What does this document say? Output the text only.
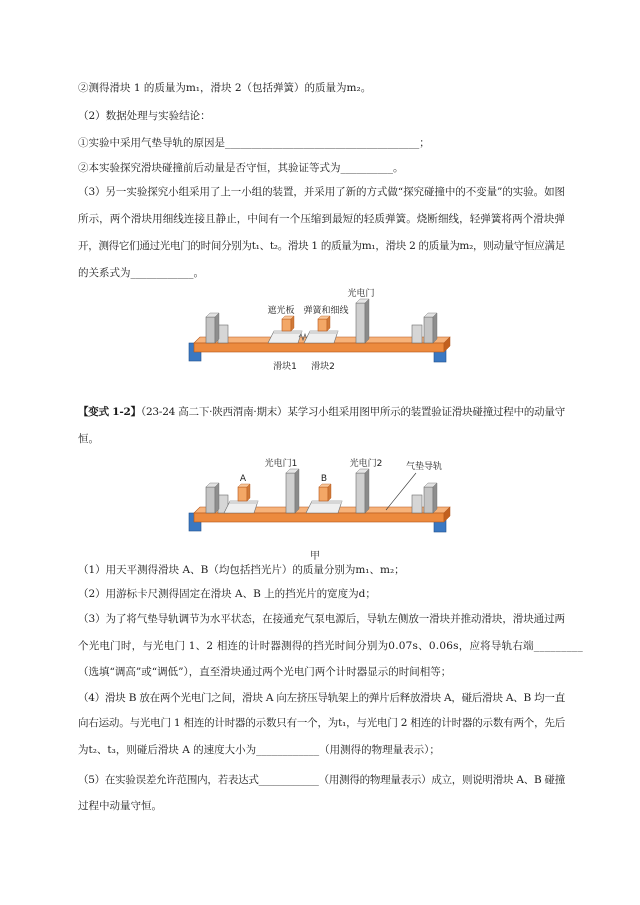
②测得滑块 1 的质量为m₁，滑块 2（包括弹簧）的质量为m₂。
（2）数据处理与实验结论：
①实验中采用气垫导轨的原因是_____________________________________；
②本实验探究滑块碰撞前后动量是否守恒，其验证等式为__________。
（3）另一实验探究小组采用了上一小组的装置，并采用了新的方式做“探究碰撞中的不变量”的实验。如图
所示，两个滑块用细线连接且静止，中间有一个压缩到最短的轻质弹簧。烧断细线，轻弹簧将两个滑块弹
开，测得它们通过光电门的时间分别为t₁、t₂。滑块 1 的质量为m₁，滑块 2 的质量为m₂，则动量守恒应满足
的关系式为____________。
光电门
遮光板 弹簧和细线
滑块1 滑块2
【变式 1-2】（23-24 高二下·陕西渭南·期末）某学习小组采用图甲所示的装置验证滑块碰撞过程中的动量守
恒。
光电门1	光电门2	气垫导轨
A	B
甲
（1）用天平测得滑块 A、B（均包括挡光片）的质量分别为m₁、m₂；
（2）用游标卡尺测得固定在滑块 A、B 上的挡光片的宽度为d；
（3）为了将气垫导轨调节为水平状态，在接通充气泵电源后，导轨左侧放一滑块并推动滑块，滑块通过两
个光电门时，与光电门 1、2 相连的计时器测得的挡光时间分别为0.07s、0.06s，应将导轨右端_________
（选填“调高”或“调低”），直至滑块通过两个光电门两个计时器显示的时间相等；
（4）滑块 B 放在两个光电门之间，滑块 A 向左挤压导轨架上的弹片后释放滑块 A，碰后滑块 A、B 均一直
向右运动。与光电门 1 相连的计时器的示数只有一个，为t₁，与光电门 2 相连的计时器的示数有两个，先后
为t₂、t₃，则碰后滑块 A 的速度大小为____________（用测得的物理量表示）；
（5）在实验误差允许范围内，若表达式____________（用测得的物理量表示）成立，则说明滑块 A、B 碰撞
过程中动量守恒。
